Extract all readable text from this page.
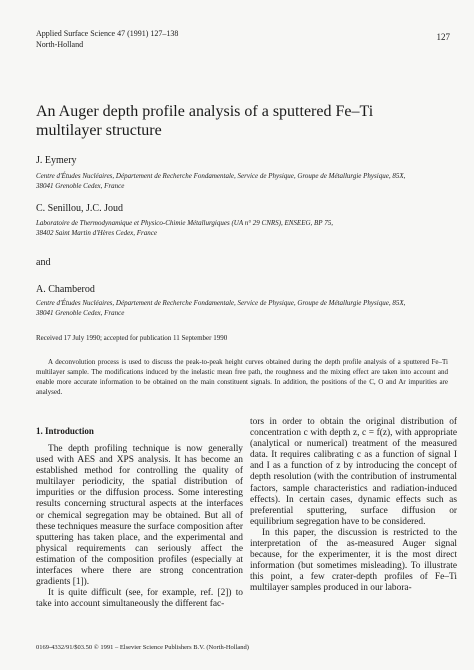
Applied Surface Science 47 (1991) 127–138
North-Holland
127
An Auger depth profile analysis of a sputtered Fe–Ti
multilayer structure
J. Eymery
Centre d'Études Nucléaires, Département de Recherche Fondamentale, Service de Physique, Groupe de Métallurgie Physique, 85X,
38041 Grenoble Cedex, France
C. Senillou, J.C. Joud
Laboratoire de Thermodynamique et Physico-Chimie Métallurgiques (UA n° 29 CNRS), ENSEEG, BP 75,
38402 Saint Martin d'Hères Cedex, France
and
A. Chamberod
Centre d'Études Nucléaires, Département de Recherche Fondamentale, Service de Physique, Groupe de Métallurgie Physique, 85X,
38041 Grenoble Cedex, France
Received 17 July 1990; accepted for publication 11 September 1990
A deconvolution process is used to discuss the peak-to-peak height curves obtained during the depth profile analysis of a sputtered Fe–Ti multilayer sample. The modifications induced by the inelastic mean free path, the roughness and the mixing effect are taken into account and enable more accurate information to be obtained on the main constituent signals. In addition, the positions of the C, O and Ar impurities are analysed.
1. Introduction

The depth profiling technique is now generally used with AES and XPS analysis. It has become an established method for controlling the quality of multilayer periodicity, the spatial distribution of impurities or the diffusion process. Some interesting results concerning structural aspects at the interfaces or chemical segregation may be obtained. But all of these techniques measure the surface composition after sputtering has taken place, and the experimental and physical requirements can seriously affect the estimation of the composition profiles (especially at interfaces where there are strong concentration gradients [1]).

It is quite difficult (see, for example, ref. [2]) to take into account simultaneously the different fac-

tors in order to obtain the original distribution of concentration c with depth z, c = f(z), with appropriate (analytical or numerical) treatment of the measured data. It requires calibrating c as a function of signal I and I as a function of z by introducing the concept of depth resolution (with the contribution of instrumental factors, sample characteristics and radiation-induced effects). In certain cases, dynamic effects such as preferential sputtering, surface diffusion or equilibrium segregation have to be considered.

In this paper, the discussion is restricted to the interpretation of the as-measured Auger signal because, for the experimenter, it is the most direct information (but sometimes misleading). To illustrate this point, a few crater-depth profiles of Fe–Ti multilayer samples produced in our labora-

0169-4332/91/$03.50 © 1991 – Elsevier Science Publishers B.V. (North-Holland)
